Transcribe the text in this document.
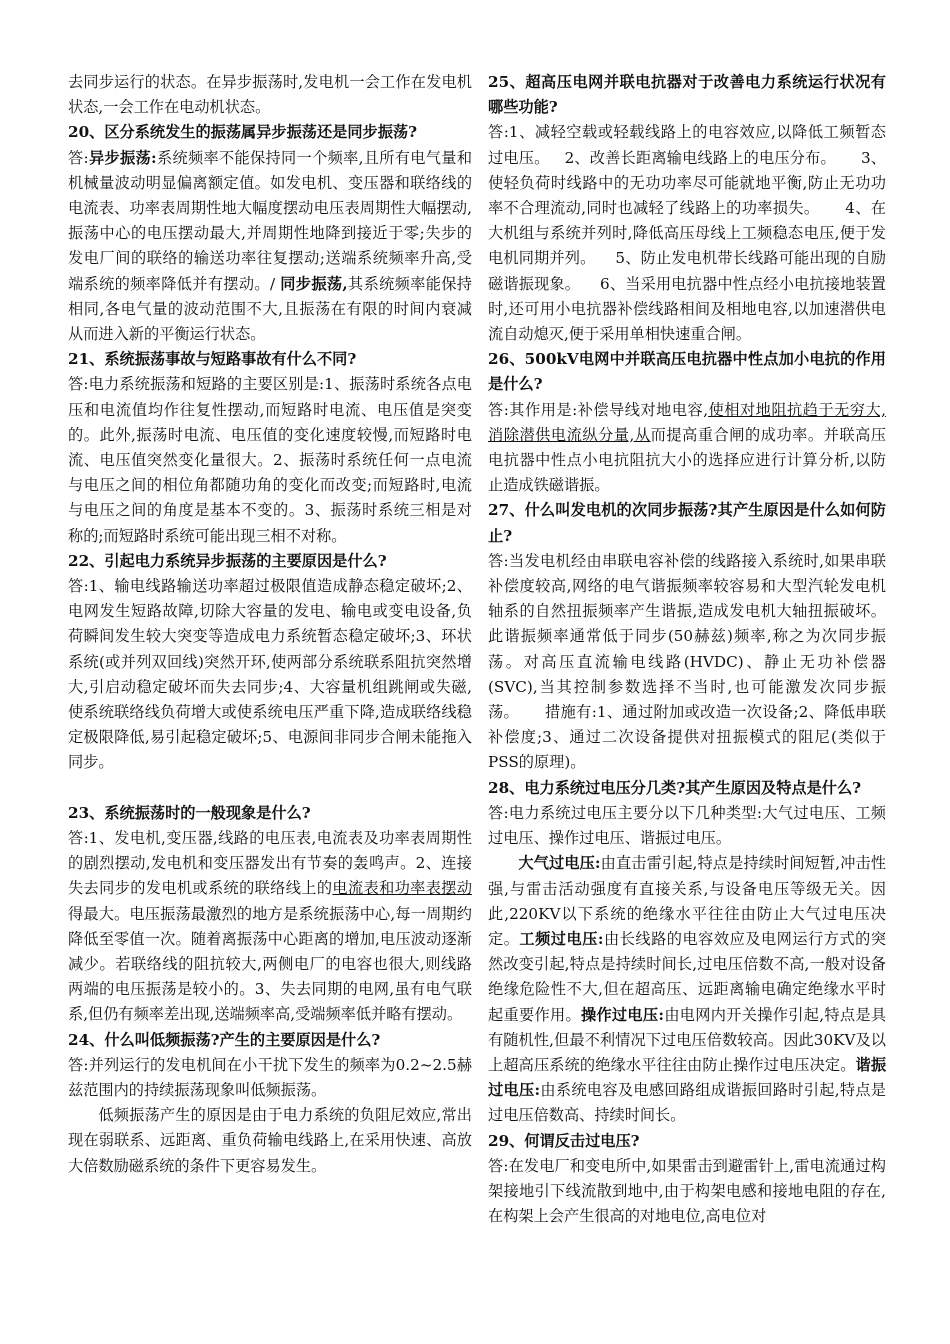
去同步运行的状态。在异步振荡时,发电机一会工作在发电机状态,一会工作在电动机状态。

20、区分系统发生的振荡属异步振荡还是同步振荡?

答:异步振荡:系统频率不能保持同一个频率,且所有电气量和机械量波动明显偏离额定值。如发电机、变压器和联络线的电流表、功率表周期性地大幅度摆动电压表周期性大幅摆动,振荡中心的电压摆动最大,并周期性地降到接近于零;失步的发电厂间的联络的输送功率往复摆动;送端系统频率升高,受端系统的频率降低并有摆动。/ 同步振荡,其系统频率能保持相同,各电气量的波动范围不大,且振荡在有限的时间内衰减从而进入新的平衡运行状态。

21、系统振荡事故与短路事故有什么不同?

答:电力系统振荡和短路的主要区别是:1、振荡时系统各点电压和电流值均作往复性摆动,而短路时电流、电压值是突变的。此外,振荡时电流、电压值的变化速度较慢,而短路时电流、电压值突然变化量很大。2、振荡时系统任何一点电流与电压之间的相位角都随功角的变化而改变;而短路时,电流与电压之间的角度是基本不变的。3、振荡时系统三相是对称的;而短路时系统可能出现三相不对称。

22、引起电力系统异步振荡的主要原因是什么?

答:1、输电线路输送功率超过极限值造成静态稳定破坏;2、电网发生短路故障,切除大容量的发电、输电或变电设备,负荷瞬间发生较大突变等造成电力系统暂态稳定破坏;3、环状系统(或并列双回线)突然开环,使两部分系统联系阻抗突然增大,引启动稳定破坏而失去同步;4、大容量机组跳闸或失磁,使系统联络线负荷增大或使系统电压严重下降,造成联络线稳定极限降低,易引起稳定破坏;5、电源间非同步合闸未能拖入同步。

23、系统振荡时的一般现象是什么?

答:1、发电机,变压器,线路的电压表,电流表及功率表周期性的剧烈摆动,发电机和变压器发出有节奏的轰鸣声。2、连接失去同步的发电机或系统的联络线上的电流表和功率表摆动得最大。电压振荡最激烈的地方是系统振荡中心,每一周期约降低至零值一次。随着离振荡中心距离的增加,电压波动逐渐减少。若联络线的阻抗较大,两侧电厂的电容也很大,则线路两端的电压振荡是较小的。3、失去同期的电网,虽有电气联系,但仍有频率差出现,送端频率高,受端频率低并略有摆动。

24、什么叫低频振荡?产生的主要原因是什么?

答:并列运行的发电机间在小干扰下发生的频率为0.2~2.5赫兹范围内的持续振荡现象叫低频振荡。

低频振荡产生的原因是由于电力系统的负阻尼效应,常出现在弱联系、远距离、重负荷输电线路上,在采用快速、高放大倍数励磁系统的条件下更容易发生。

25、超高压电网并联电抗器对于改善电力系统运行状况有哪些功能?

答:1、减轻空载或轻载线路上的电容效应,以降低工频暂态过电压。   2、改善长距离输电线路上的电压分布。     3、使轻负荷时线路中的无功功率尽可能就地平衡,防止无功功率不合理流动,同时也减轻了线路上的功率损失。     4、在大机组与系统并列时,降低高压母线上工频稳态电压,便于发电机同期并列。    5、防止发电机带长线路可能出现的自励磁谐振现象。    6、当采用电抗器中性点经小电抗接地装置时,还可用小电抗器补偿线路相间及相地电容,以加速潜供电流自动熄灭,便于采用单相快速重合闸。

26、500kV电网中并联高压电抗器中性点加小电抗的作用是什么?

答:其作用是:补偿导线对地电容,使相对地阻抗趋于无穷大,消除潜供电流纵分量,从而提高重合闸的成功率。并联高压电抗器中性点小电抗阻抗大小的选择应进行计算分析,以防止造成铁磁谐振。

27、什么叫发电机的次同步振荡?其产生原因是什么如何防止?

答:当发电机经由串联电容补偿的线路接入系统时,如果串联补偿度较高,网络的电气谐振频率较容易和大型汽轮发电机轴系的自然扭振频率产生谐振,造成发电机大轴扭振破坏。此谐振频率通常低于同步(50赫兹)频率,称之为次同步振荡。对高压直流输电线路(HVDC)、静止无功补偿器(SVC),当其控制参数选择不当时,也可能激发次同步振荡。     措施有:1、通过附加或改造一次设备;2、降低串联补偿度;3、通过二次设备提供对扭振模式的阻尼(类似于PSS的原理)。

28、电力系统过电压分几类?其产生原因及特点是什么?

答:电力系统过电压主要分以下几种类型:大气过电压、工频过电压、操作过电压、谐振过电压。

大气过电压:由直击雷引起,特点是持续时间短暂,冲击性强,与雷击活动强度有直接关系,与设备电压等级无关。因此,220KV以下系统的绝缘水平往往由防止大气过电压决定。工频过电压:由长线路的电容效应及电网运行方式的突然改变引起,特点是持续时间长,过电压倍数不高,一般对设备绝缘危险性不大,但在超高压、远距离输电确定绝缘水平时起重要作用。操作过电压:由电网内开关操作引起,特点是具有随机性,但最不利情况下过电压倍数较高。因此30KV及以上超高压系统的绝缘水平往往由防止操作过电压决定。谐振过电压:由系统电容及电感回路组成谐振回路时引起,特点是过电压倍数高、持续时间长。

29、何谓反击过电压?

答:在发电厂和变电所中,如果雷击到避雷针上,雷电流通过构架接地引下线流散到地中,由于构架电感和接地电阻的存在,在构架上会产生很高的对地电位,高电位对
